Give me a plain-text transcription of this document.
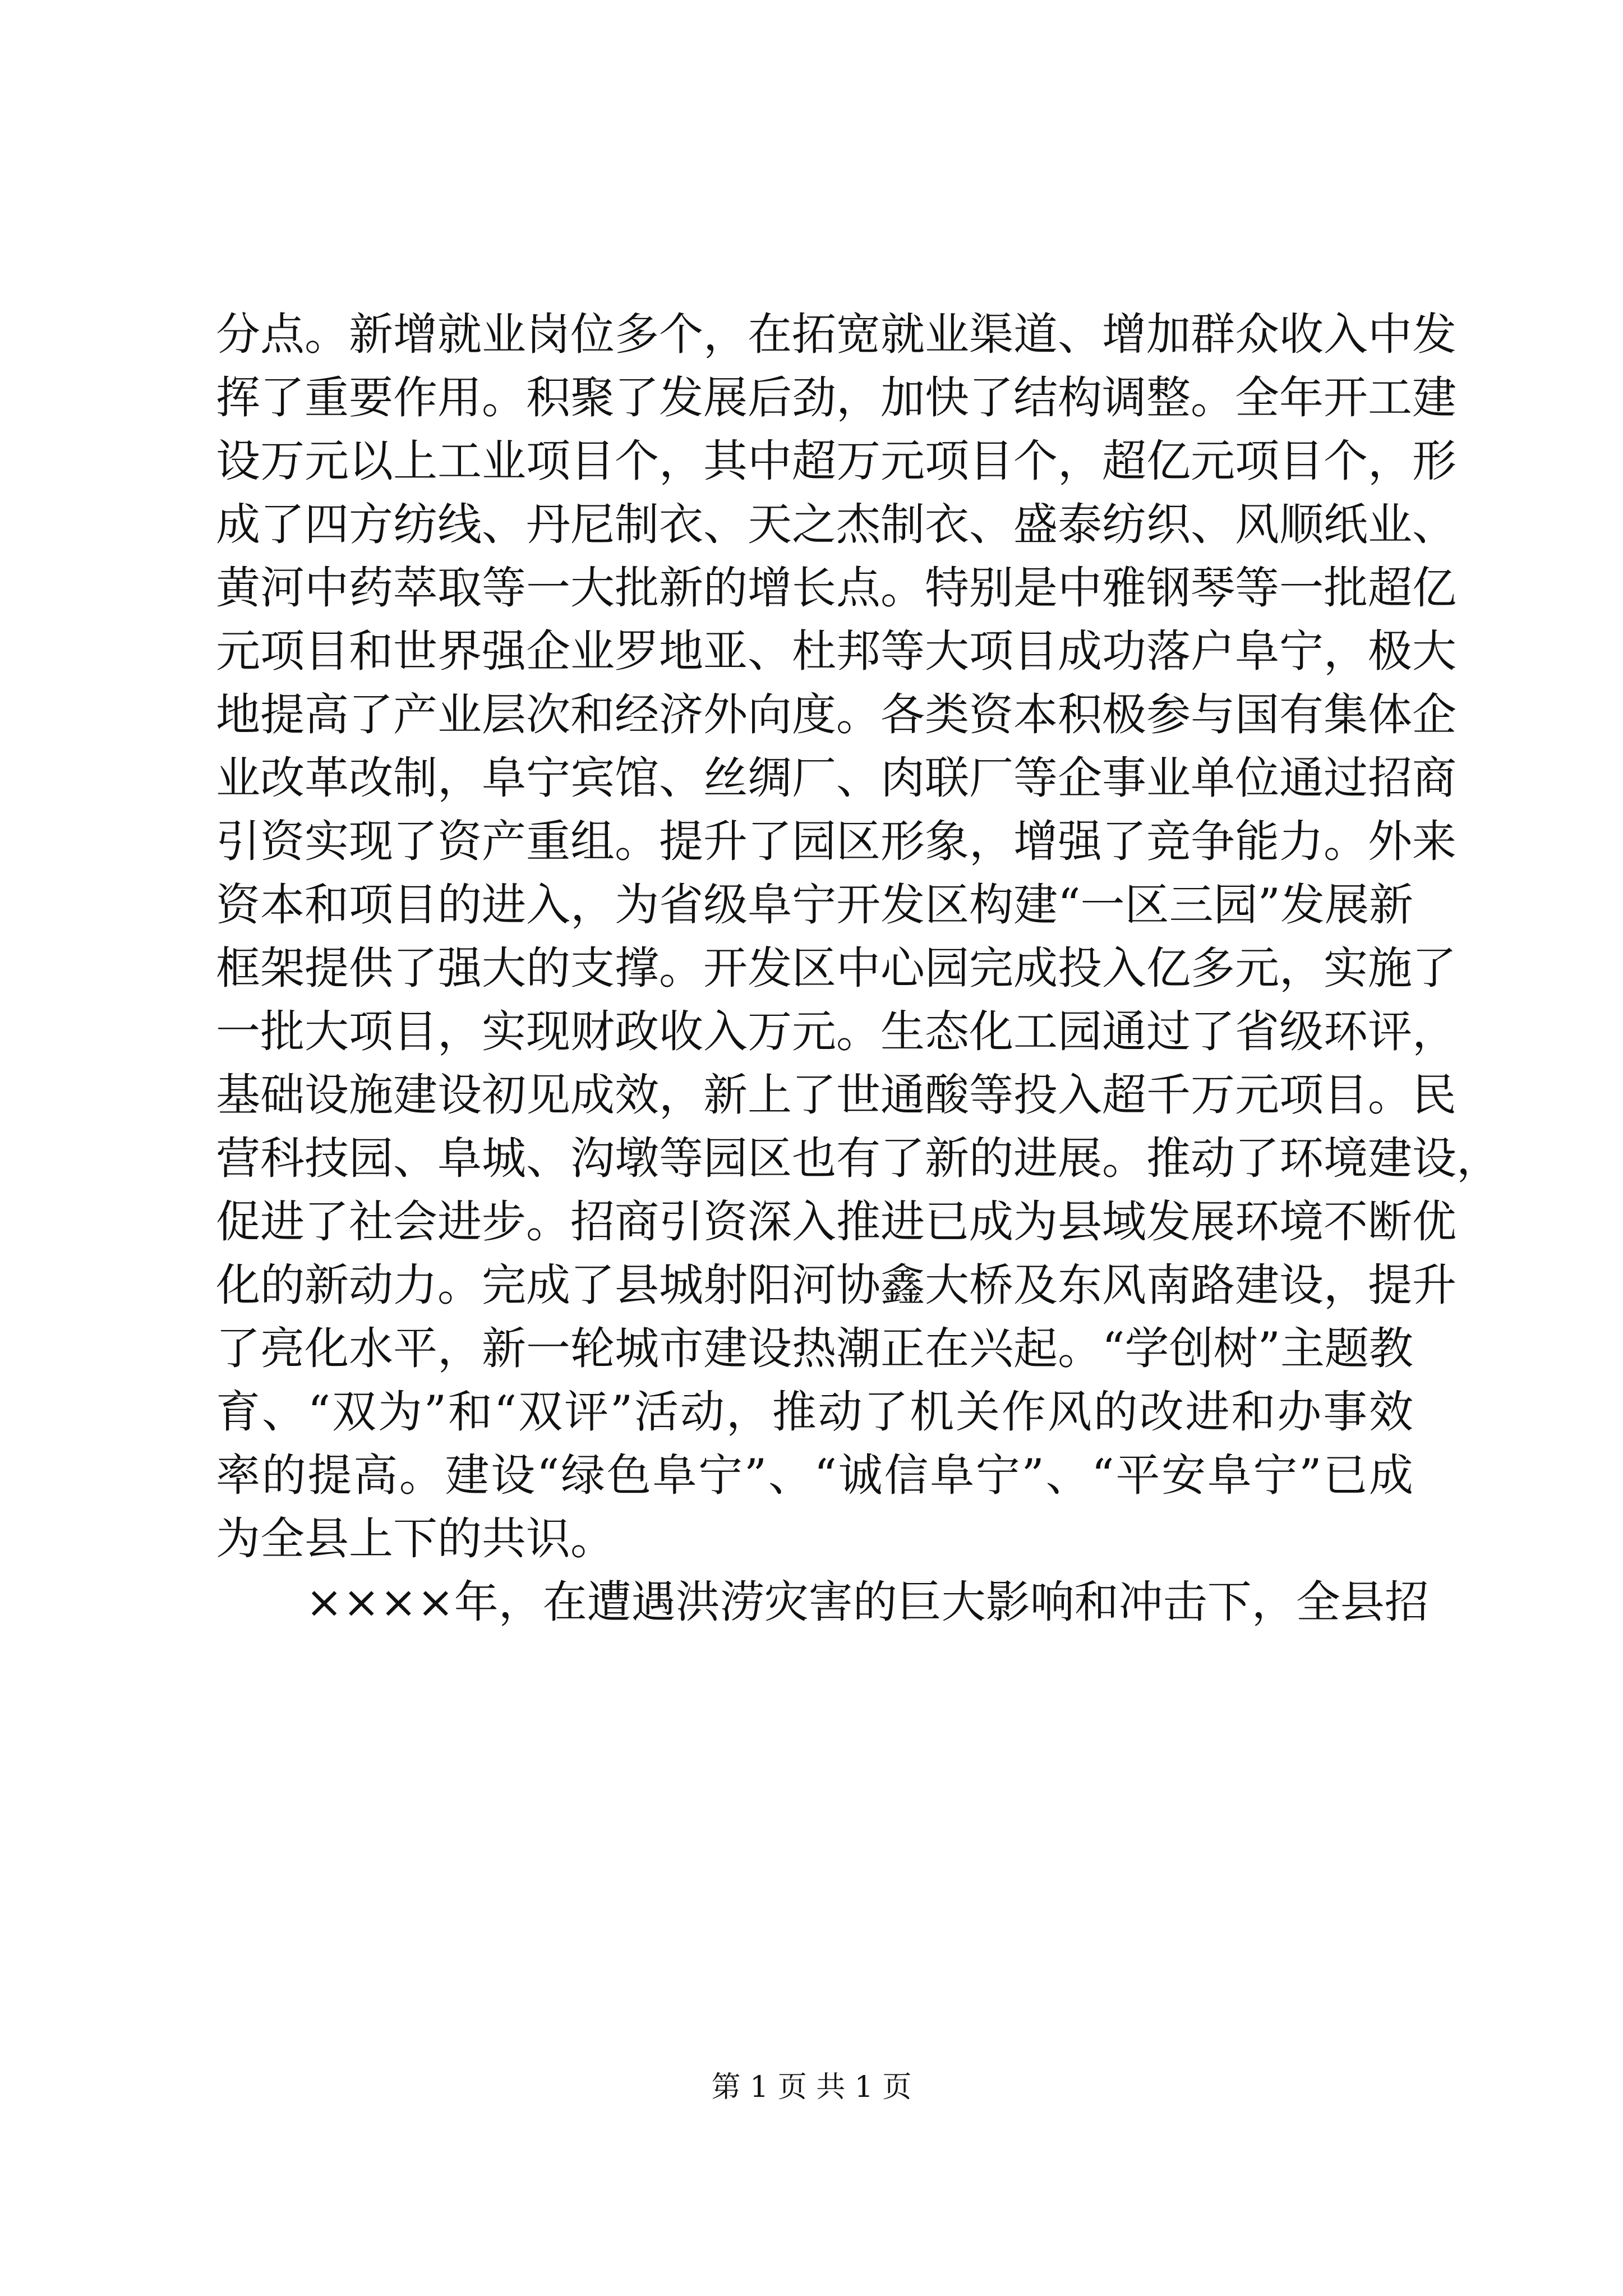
分点。新增就业岗位多个，在拓宽就业渠道、增加群众收入中发
挥了重要作用。积聚了发展后劲，加快了结构调整。全年开工建
设万元以上工业项目个，其中超万元项目个，超亿元项目个，形
成了四方纺线、丹尼制衣、天之杰制衣、盛泰纺织、风顺纸业、
黄河中药萃取等一大批新的增长点。特别是中雅钢琴等一批超亿
元项目和世界强企业罗地亚、杜邦等大项目成功落户阜宁，极大
地提高了产业层次和经济外向度。各类资本积极参与国有集体企
业改革改制，阜宁宾馆、丝绸厂、肉联厂等企事业单位通过招商
引资实现了资产重组。提升了园区形象，增强了竞争能力。外来
资本和项目的进入，为省级阜宁开发区构建“一区三园”发展新
框架提供了强大的支撑。开发区中心园完成投入亿多元，实施了
一批大项目，实现财政收入万元。生态化工园通过了省级环评，
基础设施建设初见成效，新上了世通酸等投入超千万元项目。民
营科技园、阜城、沟墩等园区也有了新的进展。推动了环境建设，
促进了社会进步。招商引资深入推进已成为县域发展环境不断优
化的新动力。完成了县城射阳河协鑫大桥及东风南路建设，提升
了亮化水平，新一轮城市建设热潮正在兴起。“学创树”主题教
育、“双为”和“双评”活动，推动了机关作风的改进和办事效
率的提高。建设“绿色阜宁”、“诚信阜宁”、“平安阜宁”已成
为全县上下的共识。
××××年，在遭遇洪涝灾害的巨大影响和冲击下，全县招
第 1 页 共 1 页
